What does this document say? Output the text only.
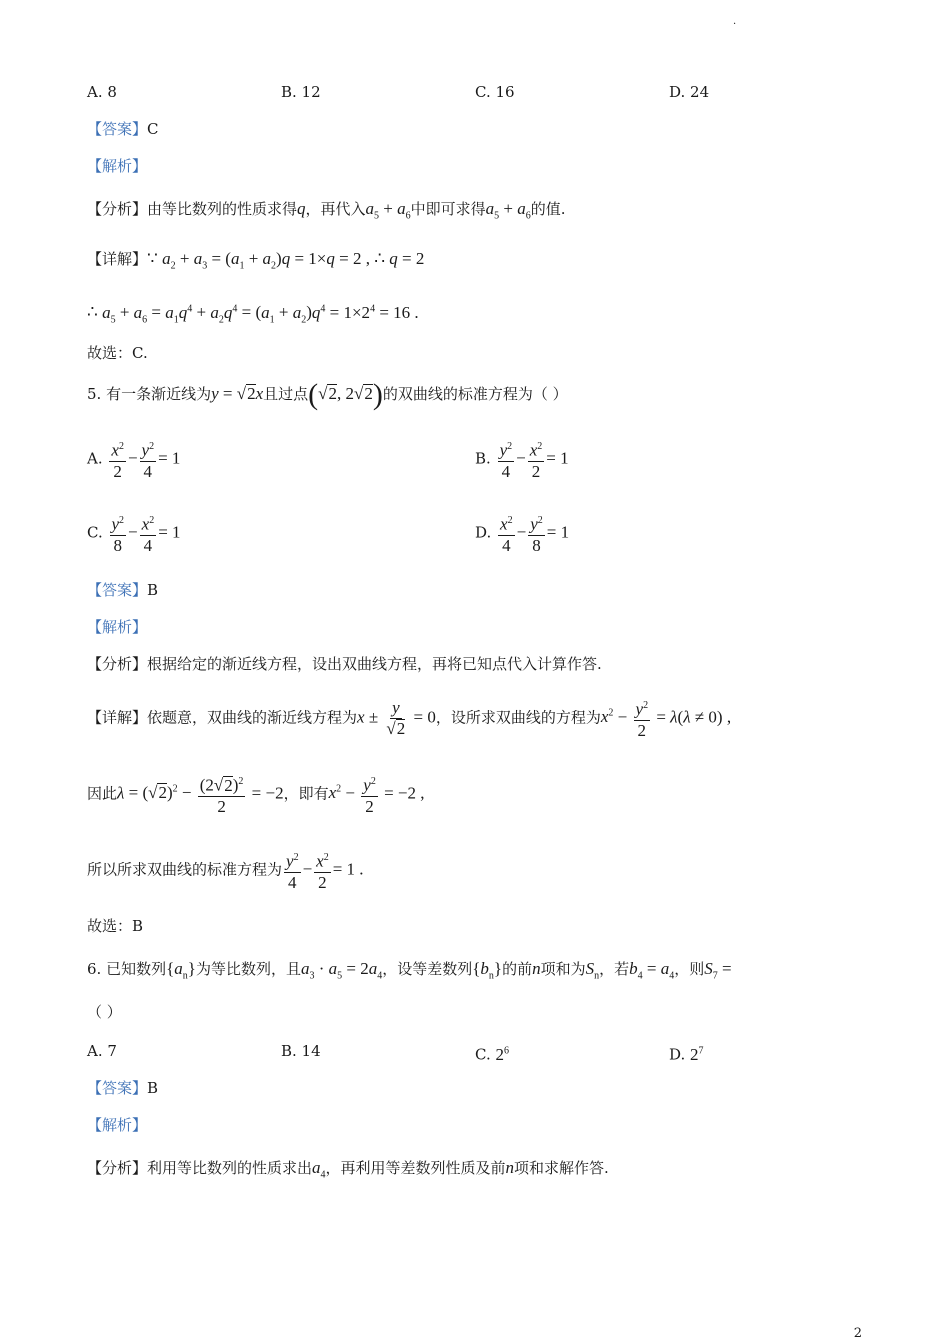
.
A. 8	B. 12	C. 16	D. 24
【答案】C
【解析】
【分析】由等比数列的性质求得q，再代入$a_5 + a_6$中即可求得$a_5 + a_6$的值.
【详解】∵ $a_2 + a_3 = (a_1 + a_2)q = 1\times q = 2$ , ∴ q = 2
∴ $a_5 + a_6 = a_1q^4 + a_2q^4 = (a_1 + a_2)q^4 = 1\times 2^4 = 16$ .
故选：C.
5. 有一条渐近线为y = √2x且过点(√2, 2√2)的双曲线的标准方程为（ ）
A. $\frac{x^2}{2} - \frac{y^2}{4} = 1$	B. $\frac{y^2}{4} - \frac{x^2}{2} = 1$
C. $\frac{y^2}{8} - \frac{x^2}{4} = 1$	D. $\frac{x^2}{4} - \frac{y^2}{8} = 1$
【答案】B
【解析】
【分析】根据给定的渐近线方程，设出双曲线方程，再将已知点代入计算作答.
【详解】依题意，双曲线的渐近线方程为$x \pm \frac{y}{√2} = 0$，设所求双曲线的方程为$x^2 - \frac{y^2}{2} = \lambda(\lambda \ne 0)$ ,
因此$\lambda = (√2)^2 - \frac{(2√2)^2}{2} = -2$，即有$x^2 - \frac{y^2}{2} = -2$ ,
所以所求双曲线的标准方程为 $\frac{y^2}{4} - \frac{x^2}{2} = 1$ .
故选：B
6. 已知数列$\{a_n\}$为等比数列，且$a_3 \cdot a_5 = 2a_4$，设等差数列$\{b_n\}$的前n项和为$S_n$，若$b_4 = a_4$，则$S_7$ =
（ ）
A. 7	B. 14	C. $2^6$	D. $2^7$
【答案】B
【解析】
【分析】利用等比数列的性质求出$a_4$，再利用等差数列性质及前n项和求解作答.
2
